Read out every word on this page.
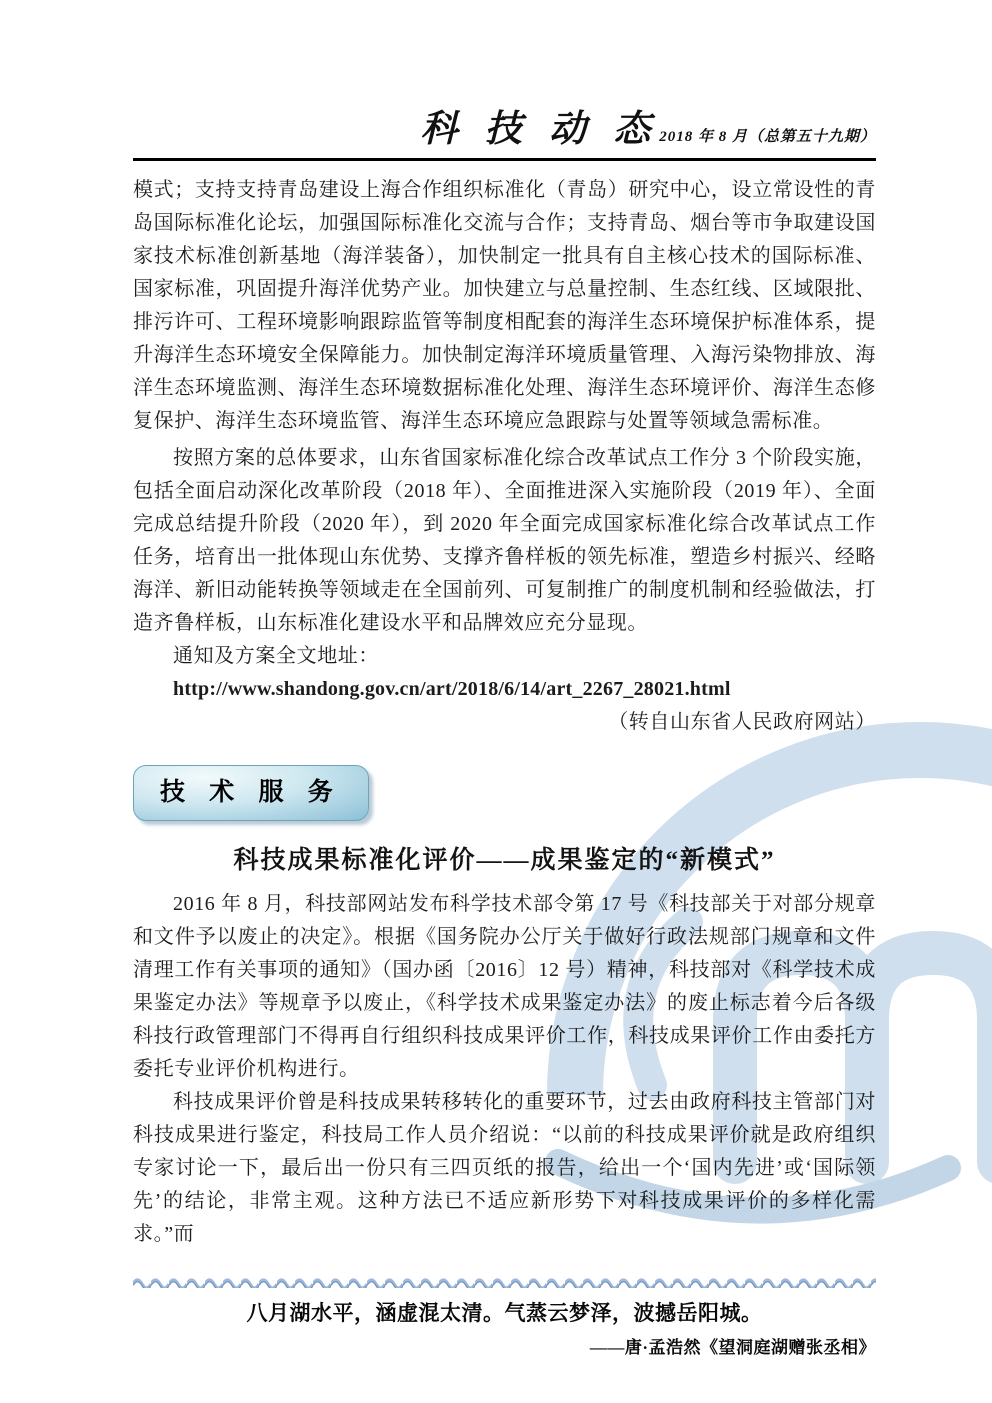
科 技 动 态2018 年 8 月（总第五十九期）

模式；支持支持青岛建设上海合作组织标准化（青岛）研究中心，设立常设性的青岛国际标准化论坛，加强国际标准化交流与合作；支持青岛、烟台等市争取建设国家技术标准创新基地（海洋装备），加快制定一批具有自主核心技术的国际标准、国家标准，巩固提升海洋优势产业。加快建立与总量控制、生态红线、区域限批、排污许可、工程环境影响跟踪监管等制度相配套的海洋生态环境保护标准体系，提升海洋生态环境安全保障能力。加快制定海洋环境质量管理、入海污染物排放、海洋生态环境监测、海洋生态环境数据标准化处理、海洋生态环境评价、海洋生态修复保护、海洋生态环境监管、海洋生态环境应急跟踪与处置等领域急需标准。

按照方案的总体要求，山东省国家标准化综合改革试点工作分 3 个阶段实施，包括全面启动深化改革阶段（2018 年）、全面推进深入实施阶段（2019 年）、全面完成总结提升阶段（2020 年），到 2020 年全面完成国家标准化综合改革试点工作任务，培育出一批体现山东优势、支撑齐鲁样板的领先标准，塑造乡村振兴、经略海洋、新旧动能转换等领域走在全国前列、可复制推广的制度机制和经验做法，打造齐鲁样板，山东标准化建设水平和品牌效应充分显现。

通知及方案全文地址：

http://www.shandong.gov.cn/art/2018/6/14/art_2267_28021.html

（转自山东省人民政府网站）

技 术 服 务
科技成果标准化评价——成果鉴定的“新模式”

2016 年 8 月，科技部网站发布科学技术部令第 17 号《科技部关于对部分规章和文件予以废止的决定》。根据《国务院办公厅关于做好行政法规部门规章和文件清理工作有关事项的通知》（国办函〔2016〕12 号）精神，科技部对《科学技术成果鉴定办法》等规章予以废止，《科学技术成果鉴定办法》的废止标志着今后各级科技行政管理部门不得再自行组织科技成果评价工作，科技成果评价工作由委托方委托专业评价机构进行。

科技成果评价曾是科技成果转移转化的重要环节，过去由政府科技主管部门对科技成果进行鉴定，科技局工作人员介绍说：“以前的科技成果评价就是政府组织专家讨论一下，最后出一份只有三四页纸的报告，给出一个‘国内先进’或‘国际领先’的结论，非常主观。这种方法已不适应新形势下对科技成果评价的多样化需求。”而

八月湖水平，涵虚混太清。气蒸云梦泽，波撼岳阳城。

——唐·孟浩然《望洞庭湖赠张丞相》
